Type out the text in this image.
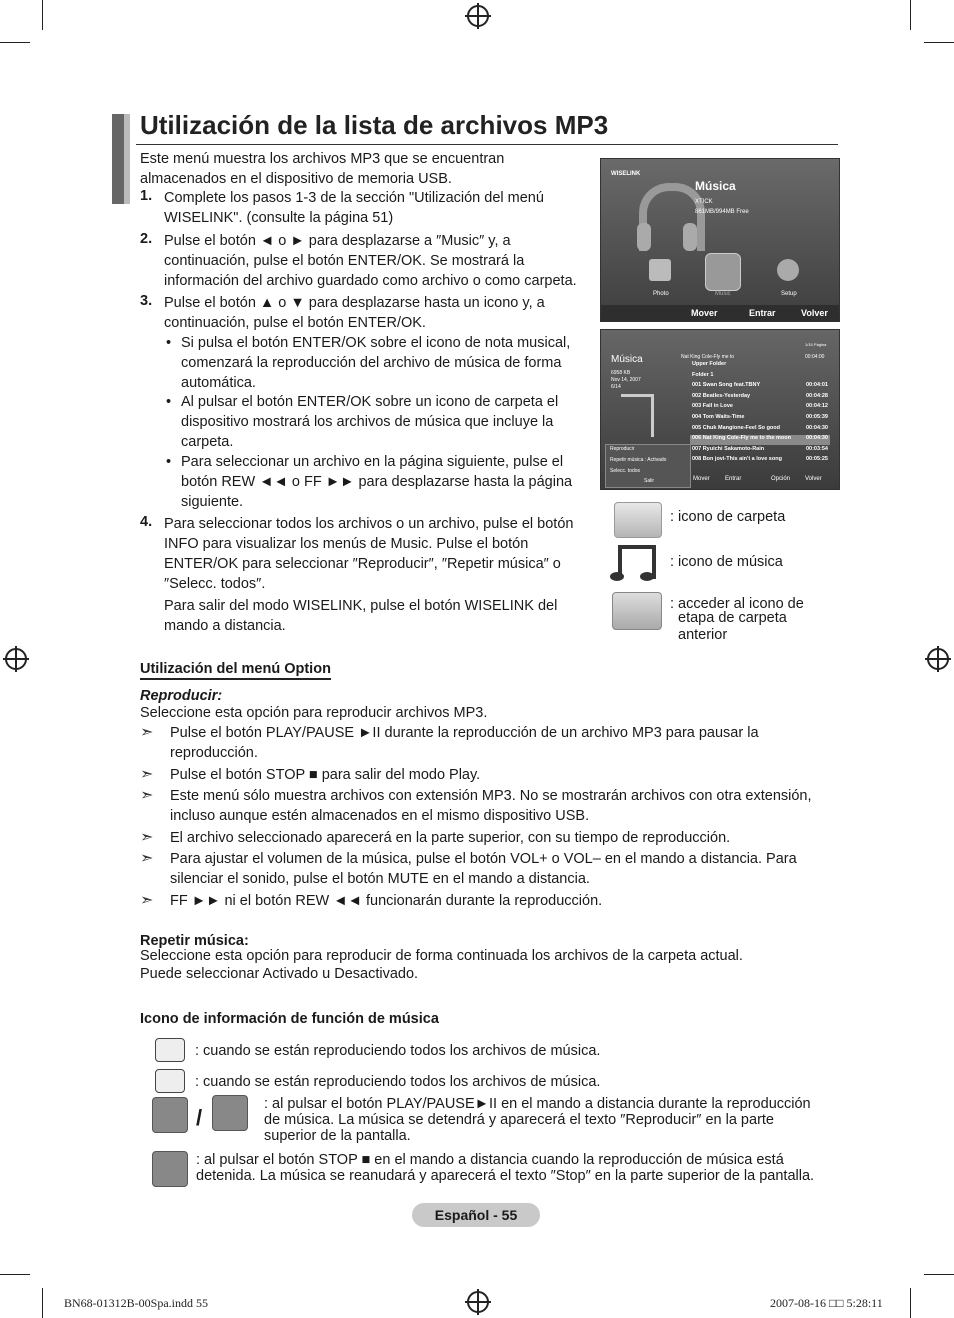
Utilización de la lista de archivos MP3
Este menú muestra los archivos MP3 que se encuentran almacenados en el dispositivo de memoria USB.
1. Complete los pasos 1-3 de la sección "Utilización del menú WISELINK". (consulte la página 51)
2. Pulse el botón ◄ o ► para desplazarse a ″Music″ y, a continuación, pulse el botón ENTER/OK. Se mostrará la información del archivo guardado como archivo o como carpeta.
3. Pulse el botón ▲ o ▼ para desplazarse hasta un icono y, a continuación, pulse el botón ENTER/OK.
• Si pulsa el botón ENTER/OK sobre el icono de nota musical, comenzará la reproducción del archivo de música de forma automática.
• Al pulsar el botón ENTER/OK sobre un icono de carpeta el dispositivo mostrará los archivos de música que incluye la carpeta.
• Para seleccionar un archivo en la página siguiente, pulse el botón REW ◄◄ o FF ►► para desplazarse hasta la página siguiente.
4. Para seleccionar todos los archivos o un archivo, pulse el botón INFO para visualizar los menús de Music. Pulse el botón ENTER/OK para seleccionar ″Reproducir″, ″Repetir música″ o ″Selecc. todos″.
Para salir del modo WISELINK, pulse el botón WISELINK del mando a distancia.
WISELINK
Música
XTICK
861MB/994MB Free
Photo	Music	Setup
Mover	Entrar	Volver
Música
6958 KB
Nov 14, 2007
6/14
Nat King Cole-Fly me to	00:04:00
1/15 Página
Reproducir
Repetir música : Activado
Selecc. todos
Salir	Mover	Entrar	Opción Volver
Upper Folder
Folder 1
001 Swan Song feat.TBNY	00:04:01
002 Beatles-Yesterday	00:04:28
003 Fall in Love	00:04:12
004 Tom Waits-Time	00:05:39
005 Chuk Mangione-Feel So good	00:04:30
006 Nat King Cole-Fly me to the moon	00:04:30
007 Ryuichi Sakamoto-Rain	00:03:54
008 Bon jovi-This ain't a love song	00:05:25
: icono de carpeta
: icono de música
: acceder al icono de
etapa de carpeta
anterior
Utilización del menú Option
Reproducir:
Seleccione esta opción para reproducir archivos MP3.
➣ Pulse el botón PLAY/PAUSE ►II durante la reproducción de un archivo MP3 para pausar la reproducción.
➣ Pulse el botón STOP ■ para salir del modo Play.
➣ Este menú sólo muestra archivos con extensión MP3. No se mostrarán archivos con otra extensión, incluso aunque estén almacenados en el mismo dispositivo USB.
➣ El archivo seleccionado aparecerá en la parte superior, con su tiempo de reproducción.
➣ Para ajustar el volumen de la música, pulse el botón VOL+ o VOL– en el mando a distancia. Para silenciar el sonido, pulse el botón MUTE en el mando a distancia.
➣ FF ►► ni el botón REW ◄◄ funcionarán durante la reproducción.
Repetir música:
Seleccione esta opción para reproducir de forma continuada los archivos de la carpeta actual. Puede seleccionar Activado u Desactivado.
Icono de información de función de música
: cuando se están reproduciendo todos los archivos de música.
: cuando se están reproduciendo todos los archivos de música.
/
: al pulsar el botón PLAY/PAUSE►II en el mando a distancia durante la reproducción de música. La música se detendrá y aparecerá el texto ″Reproducir″ en la parte superior de la pantalla.
: al pulsar el botón STOP ■ en el mando a distancia cuando la reproducción de música está detenida. La música se reanudará y aparecerá el texto ″Stop″ en la parte superior de la pantalla.
Español - 55
BN68-01312B-00Spa.indd 55	2007-08-16 □□ 5:28:11
